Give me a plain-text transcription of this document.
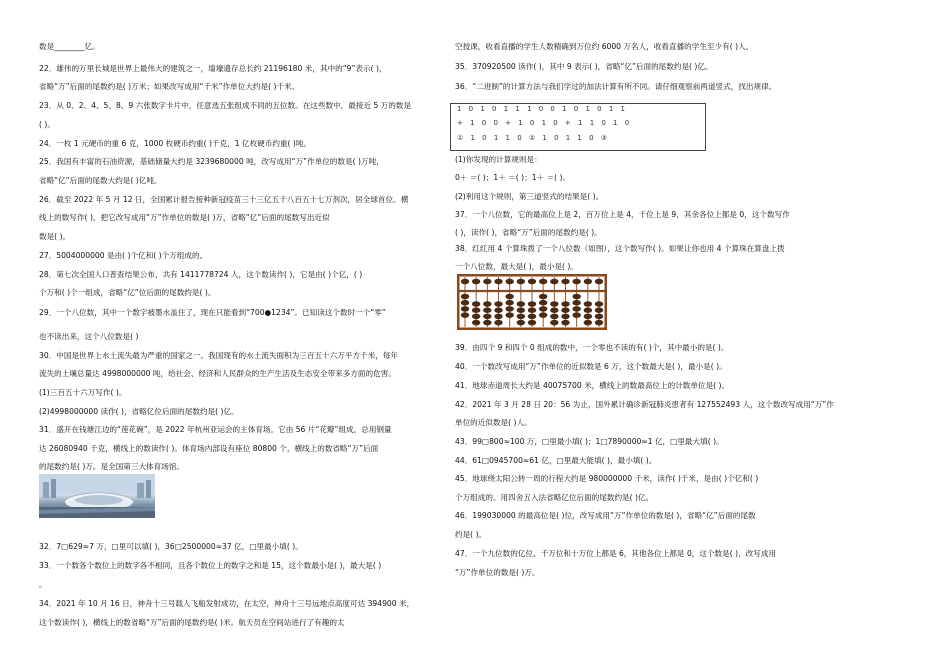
数是________亿。
22．雄伟的万里长城是世界上最伟大的建筑之一，墙壕遗存总长约 21196180 米，其中的“9”表示( )，
省略“万”后面的尾数约是( )万米；如果改写成用“千米”作单位大约是( )千米。
23．从 0、2、4、5、8、9 六张数字卡片中，任意选五张组成不同的五位数。在这些数中，最接近 5 万的数是
( )。
24．一枚 1 元硬币的重 6 克，1000 枚硬币约重( )千克，1 亿枚硬币约重( )吨。
25．我国有丰富的石油资源，基础储量大约是 3239680000 吨，改写成用“万”作单位的数是( )万吨，
省略“亿”后面的尾数大约是( )亿吨。
26．截至 2022 年 5 月 12 日，全国累计报告接种新冠疫苗三十三亿五千八百五十七万剂次，居全球首位。横
线上的数写作( )，把它改写成用“万”作单位的数是( )万，省略“亿”后面的尾数写出近似
数是( )。
27．5004000000 是由( )个亿和( )个万组成的。
28．第七次全国人口普查结果公布，共有 1411778724 人，这个数读作( )，它是由( )个亿，( )
个万和( )个一组成，省略“亿”位后面的尾数约是( )。
29．一个八位数，其中一个数字被墨水盖住了，现在只能看到“700●1234”。已知读这个数时一个“零”
也不读出来，这个八位数是( )
30．中国是世界上水土流失最为严重的国家之一。我国现有的水土流失面积为三百五十六万平方千米，每年
流失的土壤总量达 4998000000 吨，给社会、经济和人民群众的生产生活及生态安全带来多方面的危害。
(1)三百五十六万写作( )。
(2)4998000000 读作( )，省略亿位后面的尾数约是( )亿。
31．盛开在钱塘江边的“莲花碗”，是 2022 年杭州亚运会的主体育场。它由 56 片“花瓣”组成，总用钢量
达 26080940 千克，横线上的数读作( )。体育场内部设有座位 80800 个，横线上的数省略“万”后面
的尾数约是( )万。是全国第三大体育场馆。
32．7□629≈7 万，□里可以填( )，36□2500000≈37 亿，□里最小填( )。
33．一个数各个数位上的数字各不相同，且各个数位上的数字之和是 15，这个数最小是( )，最大是( )
。
34．2021 年 10 月 16 日，神舟十三号载人飞船发射成功，在太空，神舟十三号远地点高度可达 394900 米，
这个数读作( )，横线上的数省略“万”后面的尾数约是( )米。航天员在空间站进行了有趣的太
空授课，收看直播的学生人数精确到万位约 6000 万名人，收看直播的学生至少有( )人。
35．370920500 读作( )，其中 9 表示( )，省略“亿”后面的尾数约是( )亿。
36．“二进制”的计算方法与我们学过的加法计算有所不同。请仔细观察前两道竖式，找出规律。
1 0 1 0 1 1 1 0 0 1 0 1 0 1 1
+ 1 0 0 + 1 0 1 0 + 1 1 0 1 0
① 1 0 1 1 0 ② 1 0 1 1 0 ③
(1)你发现的计算规则是：
0＋ ＝( )；1＋ ＝( )；1＋ ＝( )。
(2)利用这个规则，第三道竖式的结果是( )。
37．一个八位数，它的最高位上是 2，百万位上是 4，千位上是 9，其余各位上都是 0，这个数写作
( )，读作( )，省略“万”后面的尾数约是( )。
38．红红用 4 个算珠拨了一个八位数（如图），这个数写作( )。如果让你也用 4 个算珠在算盘上拨
一个八位数，最大是( )，最小是( )。
39．由四个 9 和四个 0 组成的数中，一个零也不读的有( )个，其中最小的是( )。
40．一个数改写成用“万”作单位的近似数是 6 万，这个数最大是( )，最小是( )。
41．地球赤道周长大约是 40075700 米，横线上的数最高位上的计数单位是( )。
42．2021 年 3 月 28 日 20：56 为止，国外累计确诊新冠肺炎患者有 127552493 人，这个数改写成用“万”作
单位的近似数是( )人。
43．99□800≈100 万，□里最小填( )；1□7890000≈1 亿，□里最大填( )。
44．61□0945700≈61 亿，□里最大能填( )，最小填( )。
45．地球绕太阳公转一周的行程大约是 980000000 千米，读作( )千米，是由( )个亿和( )
个万组成的。用四舍五入法省略亿位后面的尾数约是( )亿。
46．199030000 的最高位是( )位，改写成用“万”作单位的数是( )，省略“亿”后面的尾数
约是( )。
47．一个九位数的亿位、千万位和十万位上都是 6，其他各位上都是 0，这个数是( )，改写成用
“万”作单位的数是( )万。
